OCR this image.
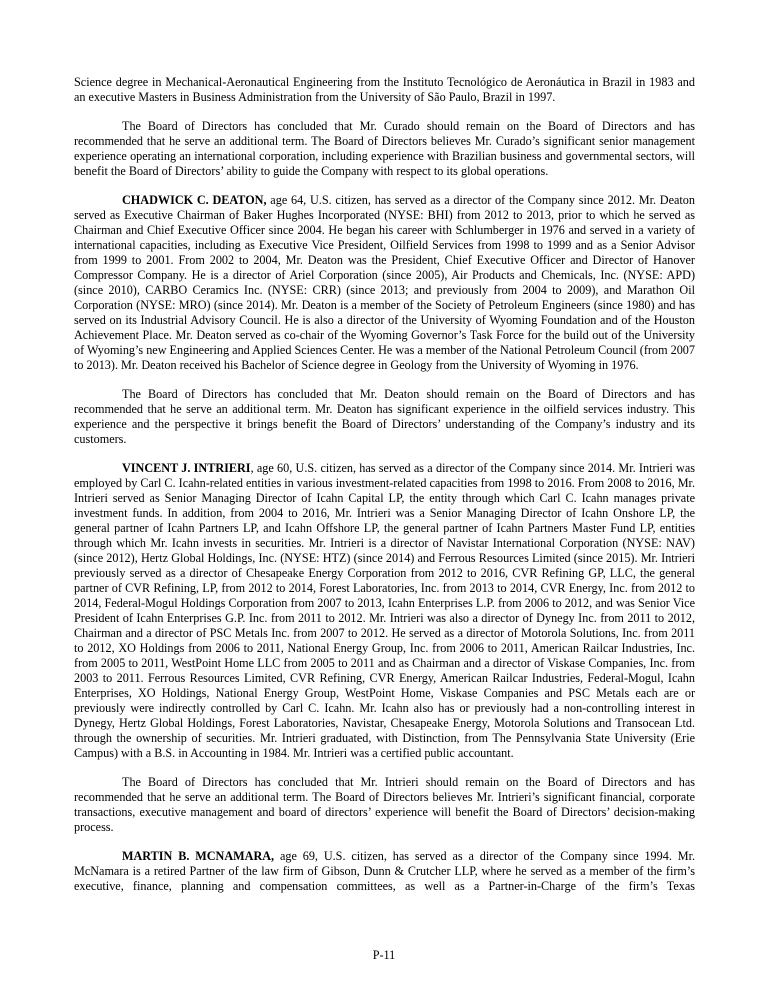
Science degree in Mechanical-Aeronautical Engineering from the Instituto Tecnológico de Aeronáutica in Brazil in 1983 and an executive Masters in Business Administration from the University of São Paulo, Brazil in 1997.

The Board of Directors has concluded that Mr. Curado should remain on the Board of Directors and has recommended that he serve an additional term. The Board of Directors believes Mr. Curado’s significant senior management experience operating an international corporation, including experience with Brazilian business and governmental sectors, will benefit the Board of Directors’ ability to guide the Company with respect to its global operations.

CHADWICK C. DEATON, age 64, U.S. citizen, has served as a director of the Company since 2012. Mr. Deaton served as Executive Chairman of Baker Hughes Incorporated (NYSE: BHI) from 2012 to 2013, prior to which he served as Chairman and Chief Executive Officer since 2004. He began his career with Schlumberger in 1976 and served in a variety of international capacities, including as Executive Vice President, Oilfield Services from 1998 to 1999 and as a Senior Advisor from 1999 to 2001. From 2002 to 2004, Mr. Deaton was the President, Chief Executive Officer and Director of Hanover Compressor Company. He is a director of Ariel Corporation (since 2005), Air Products and Chemicals, Inc. (NYSE: APD) (since 2010), CARBO Ceramics Inc. (NYSE: CRR) (since 2013; and previously from 2004 to 2009), and Marathon Oil Corporation (NYSE: MRO) (since 2014). Mr. Deaton is a member of the Society of Petroleum Engineers (since 1980) and has served on its Industrial Advisory Council. He is also a director of the University of Wyoming Foundation and of the Houston Achievement Place. Mr. Deaton served as co-chair of the Wyoming Governor’s Task Force for the build out of the University of Wyoming’s new Engineering and Applied Sciences Center. He was a member of the National Petroleum Council (from 2007 to 2013). Mr. Deaton received his Bachelor of Science degree in Geology from the University of Wyoming in 1976.

The Board of Directors has concluded that Mr. Deaton should remain on the Board of Directors and has recommended that he serve an additional term. Mr. Deaton has significant experience in the oilfield services industry. This experience and the perspective it brings benefit the Board of Directors’ understanding of the Company’s industry and its customers.

VINCENT J. INTRIERI, age 60, U.S. citizen, has served as a director of the Company since 2014. Mr. Intrieri was employed by Carl C. Icahn-related entities in various investment-related capacities from 1998 to 2016. From 2008 to 2016, Mr. Intrieri served as Senior Managing Director of Icahn Capital LP, the entity through which Carl C. Icahn manages private investment funds. In addition, from 2004 to 2016, Mr. Intrieri was a Senior Managing Director of Icahn Onshore LP, the general partner of Icahn Partners LP, and Icahn Offshore LP, the general partner of Icahn Partners Master Fund LP, entities through which Mr. Icahn invests in securities. Mr. Intrieri is a director of Navistar International Corporation (NYSE: NAV) (since 2012), Hertz Global Holdings, Inc. (NYSE: HTZ) (since 2014) and Ferrous Resources Limited (since 2015). Mr. Intrieri previously served as a director of Chesapeake Energy Corporation from 2012 to 2016, CVR Refining GP, LLC, the general partner of CVR Refining, LP, from 2012 to 2014, Forest Laboratories, Inc. from 2013 to 2014, CVR Energy, Inc. from 2012 to 2014, Federal-Mogul Holdings Corporation from 2007 to 2013, Icahn Enterprises L.P. from 2006 to 2012, and was Senior Vice President of Icahn Enterprises G.P. Inc. from 2011 to 2012. Mr. Intrieri was also a director of Dynegy Inc. from 2011 to 2012, Chairman and a director of PSC Metals Inc. from 2007 to 2012. He served as a director of Motorola Solutions, Inc. from 2011 to 2012, XO Holdings from 2006 to 2011, National Energy Group, Inc. from 2006 to 2011, American Railcar Industries, Inc. from 2005 to 2011, WestPoint Home LLC from 2005 to 2011 and as Chairman and a director of Viskase Companies, Inc. from 2003 to 2011. Ferrous Resources Limited, CVR Refining, CVR Energy, American Railcar Industries, Federal-Mogul, Icahn Enterprises, XO Holdings, National Energy Group, WestPoint Home, Viskase Companies and PSC Metals each are or previously were indirectly controlled by Carl C. Icahn. Mr. Icahn also has or previously had a non-controlling interest in Dynegy, Hertz Global Holdings, Forest Laboratories, Navistar, Chesapeake Energy, Motorola Solutions and Transocean Ltd. through the ownership of securities. Mr. Intrieri graduated, with Distinction, from The Pennsylvania State University (Erie Campus) with a B.S. in Accounting in 1984. Mr. Intrieri was a certified public accountant.

The Board of Directors has concluded that Mr. Intrieri should remain on the Board of Directors and has recommended that he serve an additional term. The Board of Directors believes Mr. Intrieri’s significant financial, corporate transactions, executive management and board of directors’ experience will benefit the Board of Directors’ decision-making process.

MARTIN B. MCNAMARA, age 69, U.S. citizen, has served as a director of the Company since 1994. Mr. McNamara is a retired Partner of the law firm of Gibson, Dunn & Crutcher LLP, where he served as a member of the firm’s executive, finance, planning and compensation committees, as well as a Partner-in-Charge of the firm’s Texas

P-11
